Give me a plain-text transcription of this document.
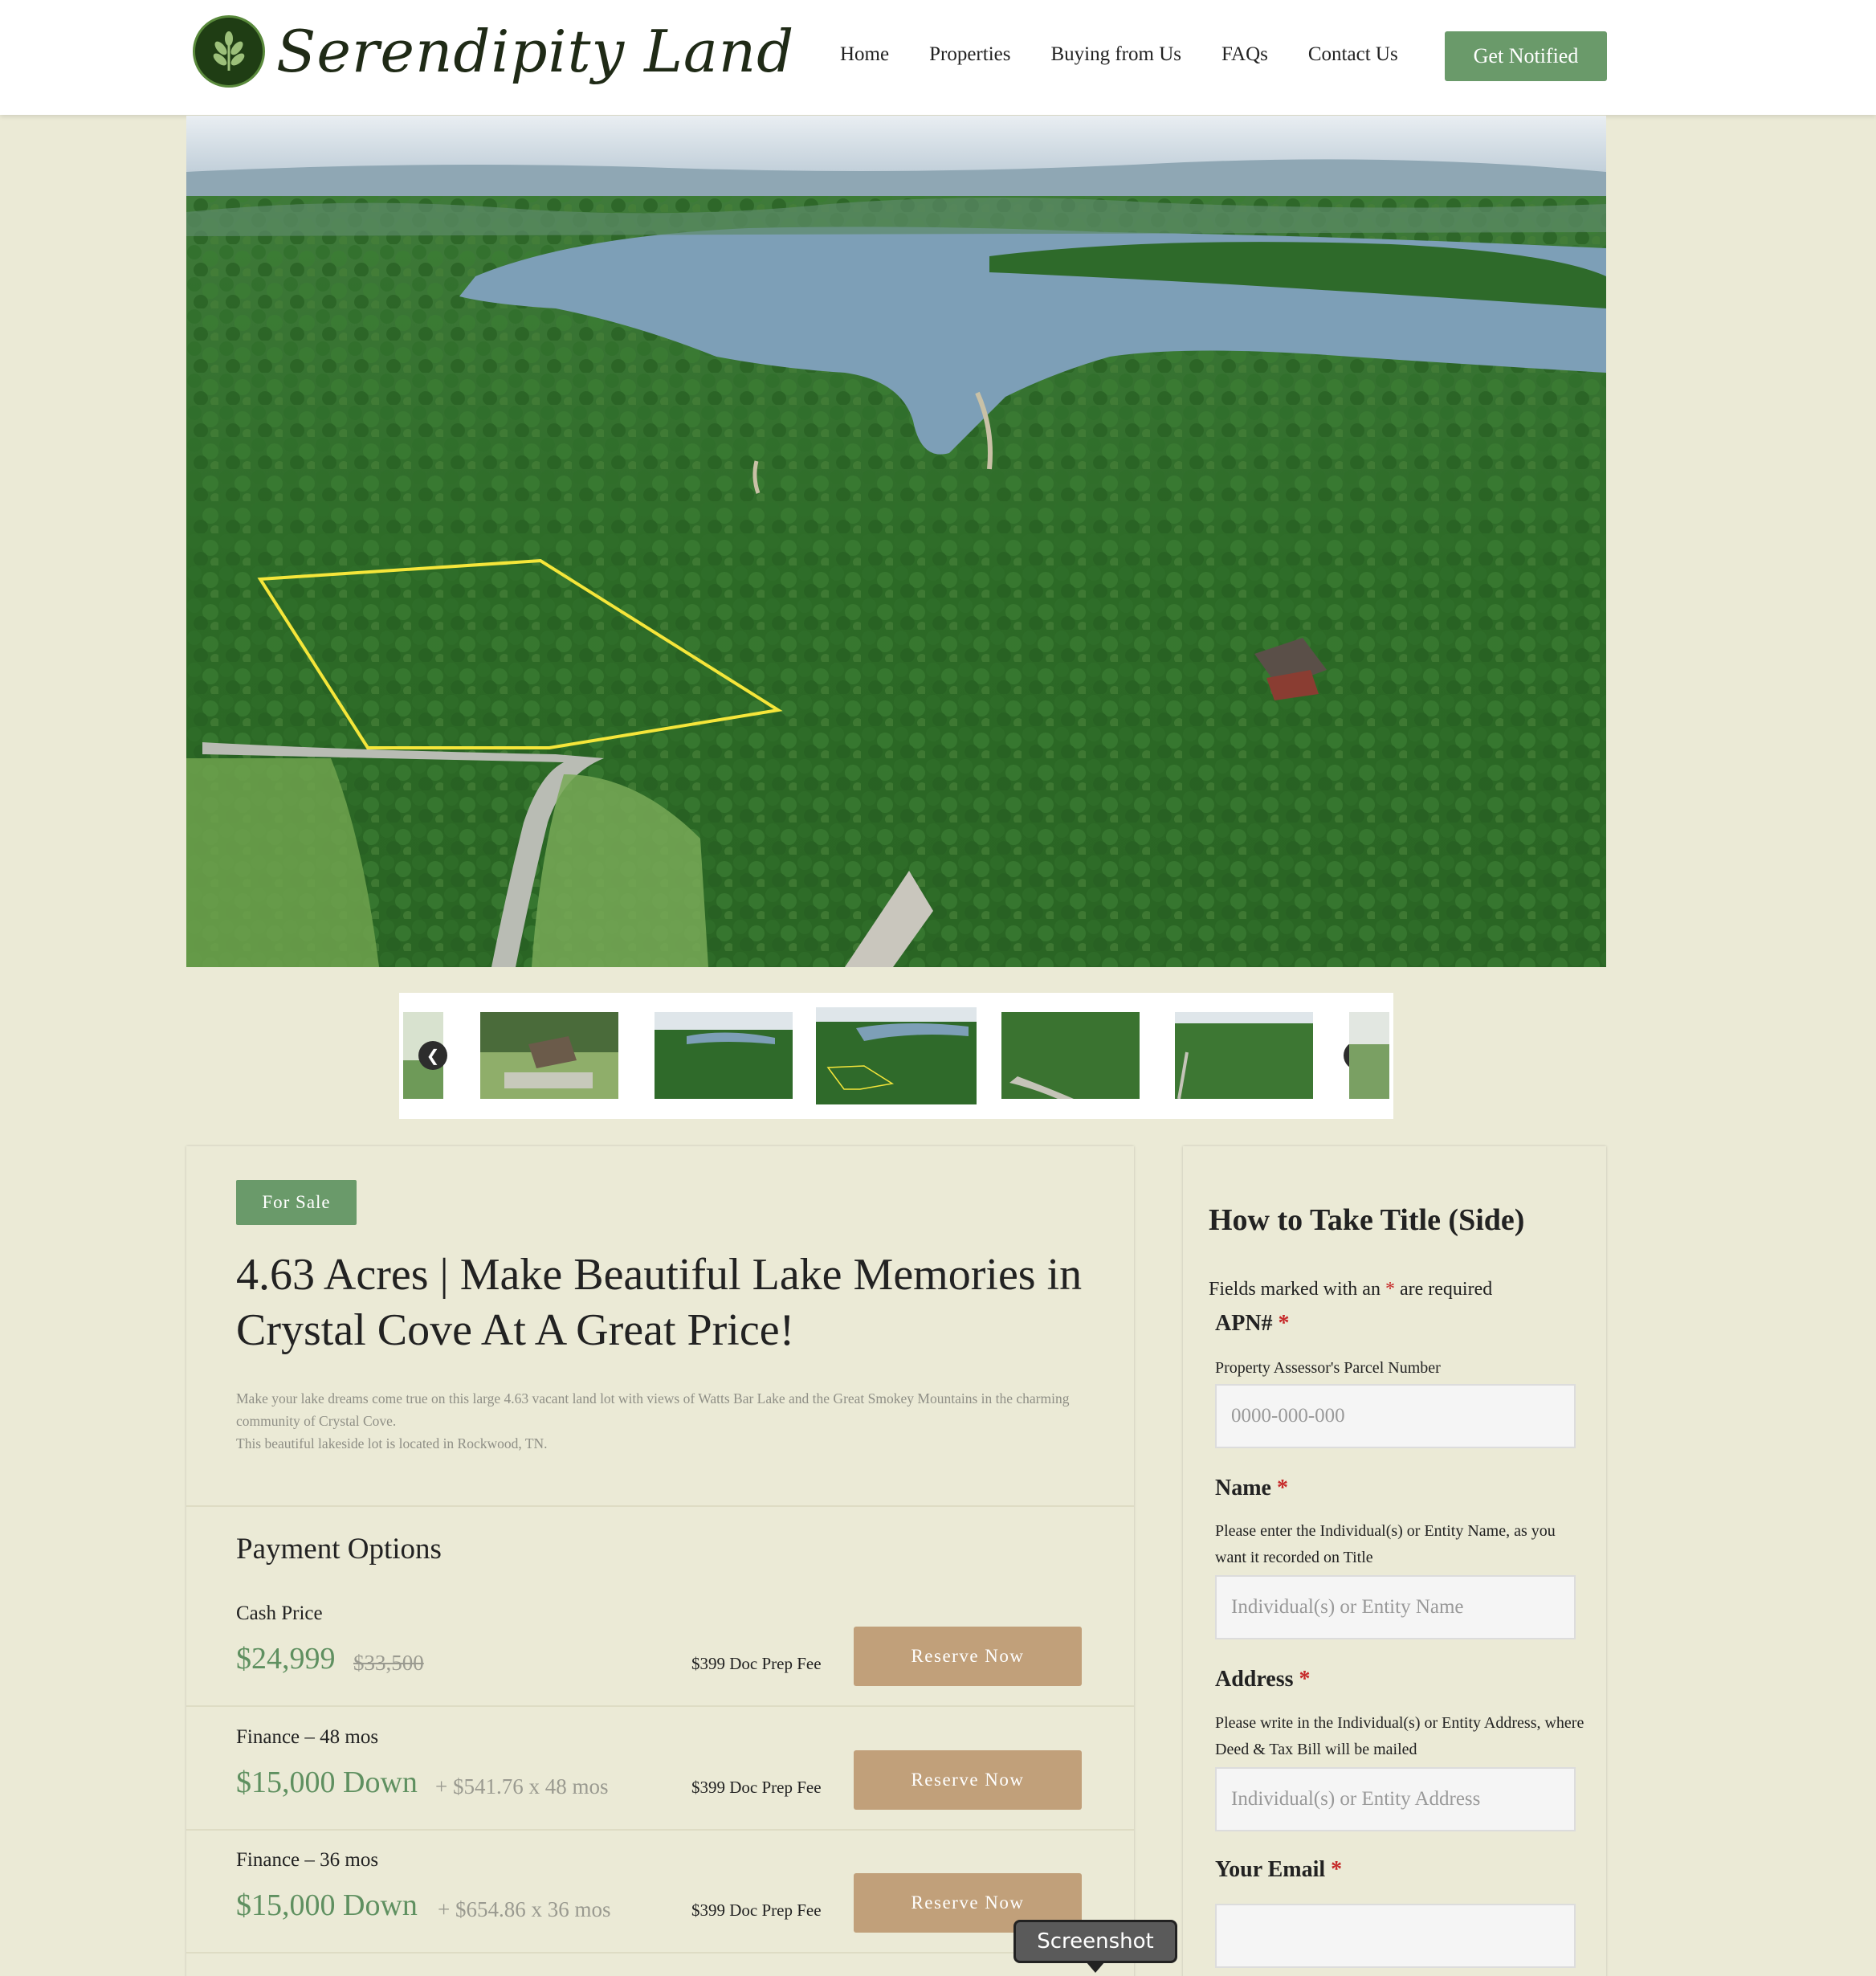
Serendipity Land Home Properties Buying from Us FAQs Contact Us	Get Notified
❮
For Sale
4.63 Acres | Make Beautiful Lake Memories in Crystal Cove At A Great Price!
Make your lake dreams come true on this large 4.63 vacant land lot with views of Watts Bar Lake and the Great Smokey Mountains in the charming community of Crystal Cove.
This beautiful lakeside lot is located in Rockwood, TN.
Payment Options
Cash Price
$24,999 $33,500	$399 Doc Prep Fee	Reserve Now
Finance – 48 mos
$15,000 Down + $541.76 x 48 mos	$399 Doc Prep Fee	Reserve Now
Finance – 36 mos
$15,000 Down + $654.86 x 36 mos	$399 Doc Prep Fee	Reserve Now
How to Take Title (Side)
Fields marked with an * are required
APN# *
Property Assessor's Parcel Number
0000-000-000
Name *
Please enter the Individual(s) or Entity Name, as you want it recorded on Title
Individual(s) or Entity Name
Address *
Please write in the Individual(s) or Entity Address, where Deed & Tax Bill will be mailed
Individual(s) or Entity Address
Your Email *
Screenshot
